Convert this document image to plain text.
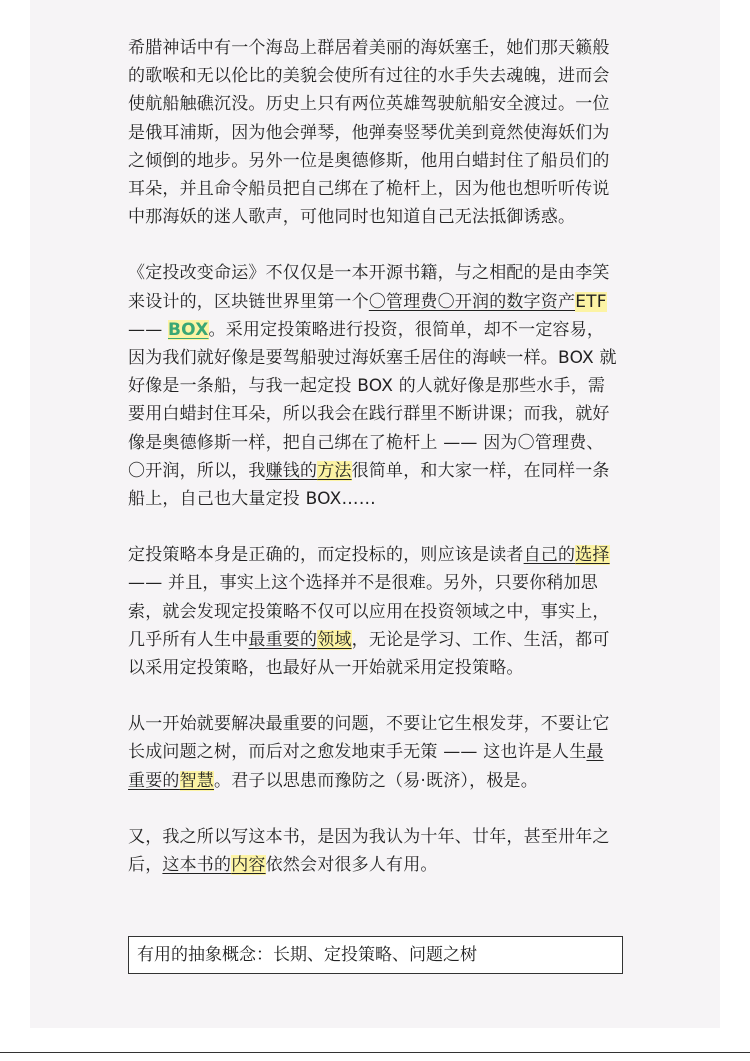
希腊神话中有一个海岛上群居着美丽的海妖塞壬，她们那天籁般的歌喉和无以伦比的美貌会使所有过往的水手失去魂魄，进而会使航船触礁沉没。历史上只有两位英雄驾驶航船安全渡过。一位是俄耳浦斯，因为他会弹琴，他弹奏竖琴优美到竟然使海妖们为之倾倒的地步。另外一位是奥德修斯，他用白蜡封住了船员们的耳朵，并且命令船员把自己绑在了桅杆上，因为他也想听听传说中那海妖的迷人歌声，可他同时也知道自己无法抵御诱惑。

《定投改变命运》不仅仅是一本开源书籍，与之相配的是由李笑来设计的，区块链世界里第一个〇管理费〇开润的数字资产ETF —— BOX。采用定投策略进行投资，很简单，却不一定容易，因为我们就好像是要驾船驶过海妖塞壬居住的海峡一样。BOX 就好像是一条船，与我一起定投 BOX 的人就好像是那些水手，需要用白蜡封住耳朵，所以我会在践行群里不断讲课；而我，就好像是奥德修斯一样，把自己绑在了桅杆上 —— 因为〇管理费、〇开润，所以，我赚钱的方法很简单，和大家一样，在同样一条船上，自己也大量定投 BOX……

定投策略本身是正确的，而定投标的，则应该是读者自己的选择 —— 并且，事实上这个选择并不是很难。另外，只要你稍加思索，就会发现定投策略不仅可以应用在投资领域之中，事实上，几乎所有人生中最重要的领域，无论是学习、工作、生活，都可以采用定投策略，也最好从一开始就采用定投策略。

从一开始就要解决最重要的问题，不要让它生根发芽，不要让它长成问题之树，而后对之愈发地束手无策 —— 这也许是人生最重要的智慧。君子以思患而豫防之（易·既济），极是。

又，我之所以写这本书，是因为我认为十年、廿年，甚至卅年之后，这本书的内容依然会对很多人有用。

有用的抽象概念：长期、定投策略、问题之树
